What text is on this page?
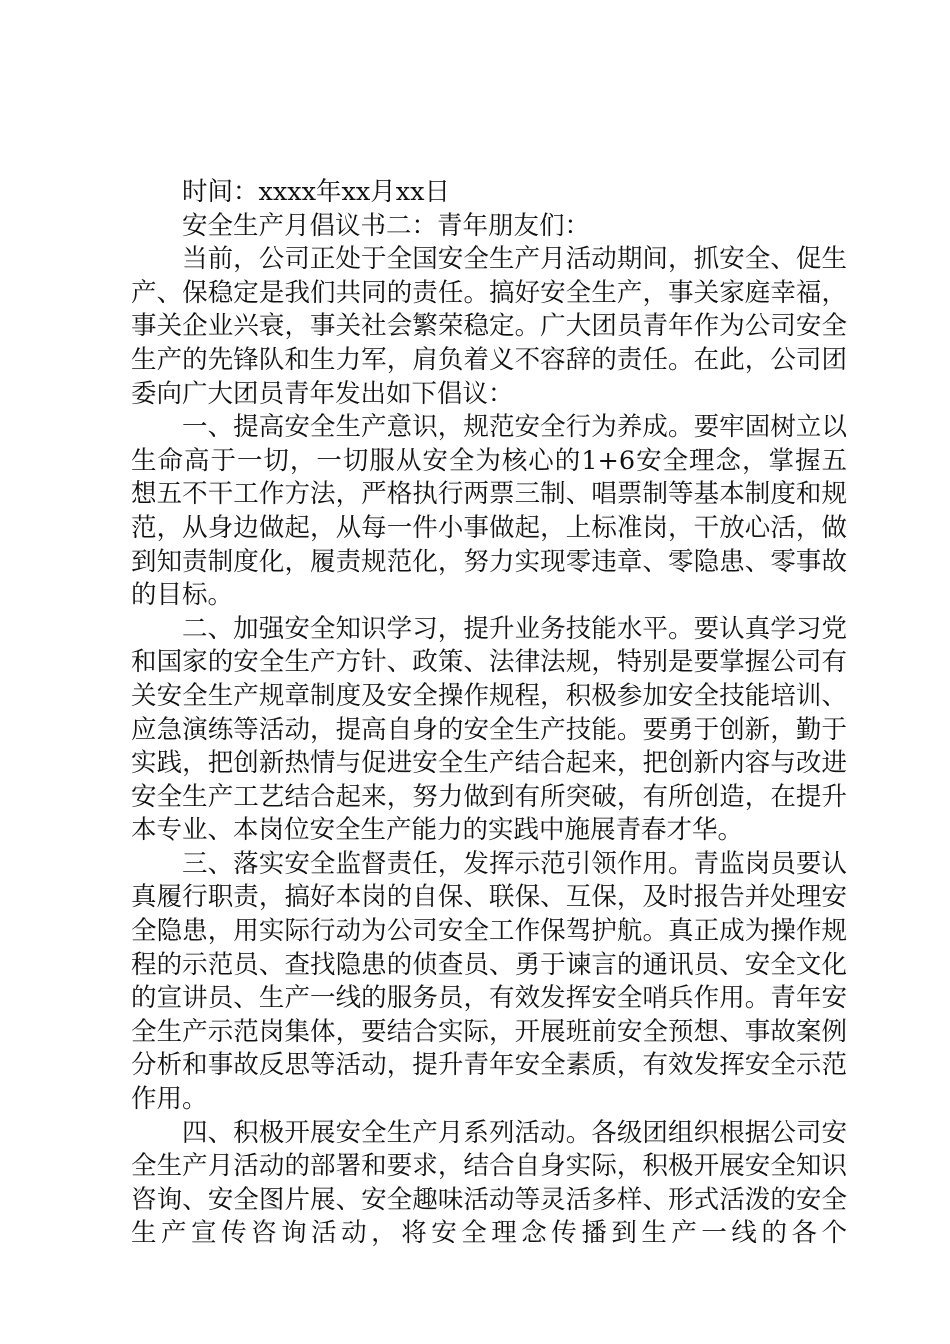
时间：xxxx年xx月xx日

安全生产月倡议书二：青年朋友们：

当前，公司正处于全国安全生产月活动期间，抓安全、促生产、保稳定是我们共同的责任。搞好安全生产，事关家庭幸福，事关企业兴衰，事关社会繁荣稳定。广大团员青年作为公司安全生产的先锋队和生力军，肩负着义不容辞的责任。在此，公司团委向广大团员青年发出如下倡议：

一、提高安全生产意识，规范安全行为养成。要牢固树立以生命高于一切，一切服从安全为核心的1+6安全理念，掌握五想五不干工作方法，严格执行两票三制、唱票制等基本制度和规范，从身边做起，从每一件小事做起，上标准岗，干放心活，做到知责制度化，履责规范化，努力实现零违章、零隐患、零事故的目标。

二、加强安全知识学习，提升业务技能水平。要认真学习党和国家的安全生产方针、政策、法律法规，特别是要掌握公司有关安全生产规章制度及安全操作规程，积极参加安全技能培训、应急演练等活动，提高自身的安全生产技能。要勇于创新，勤于实践，把创新热情与促进安全生产结合起来，把创新内容与改进安全生产工艺结合起来，努力做到有所突破，有所创造，在提升本专业、本岗位安全生产能力的实践中施展青春才华。

三、落实安全监督责任，发挥示范引领作用。青监岗员要认真履行职责，搞好本岗的自保、联保、互保，及时报告并处理安全隐患，用实际行动为公司安全工作保驾护航。真正成为操作规程的示范员、查找隐患的侦查员、勇于谏言的通讯员、安全文化的宣讲员、生产一线的服务员，有效发挥安全哨兵作用。青年安全生产示范岗集体，要结合实际，开展班前安全预想、事故案例分析和事故反思等活动，提升青年安全素质，有效发挥安全示范作用。

四、积极开展安全生产月系列活动。各级团组织根据公司安全生产月活动的部署和要求，结合自身实际，积极开展安全知识咨询、安全图片展、安全趣味活动等灵活多样、形式活泼的安全生产宣传咨询活动，将安全理念传播到生产一线的各个
